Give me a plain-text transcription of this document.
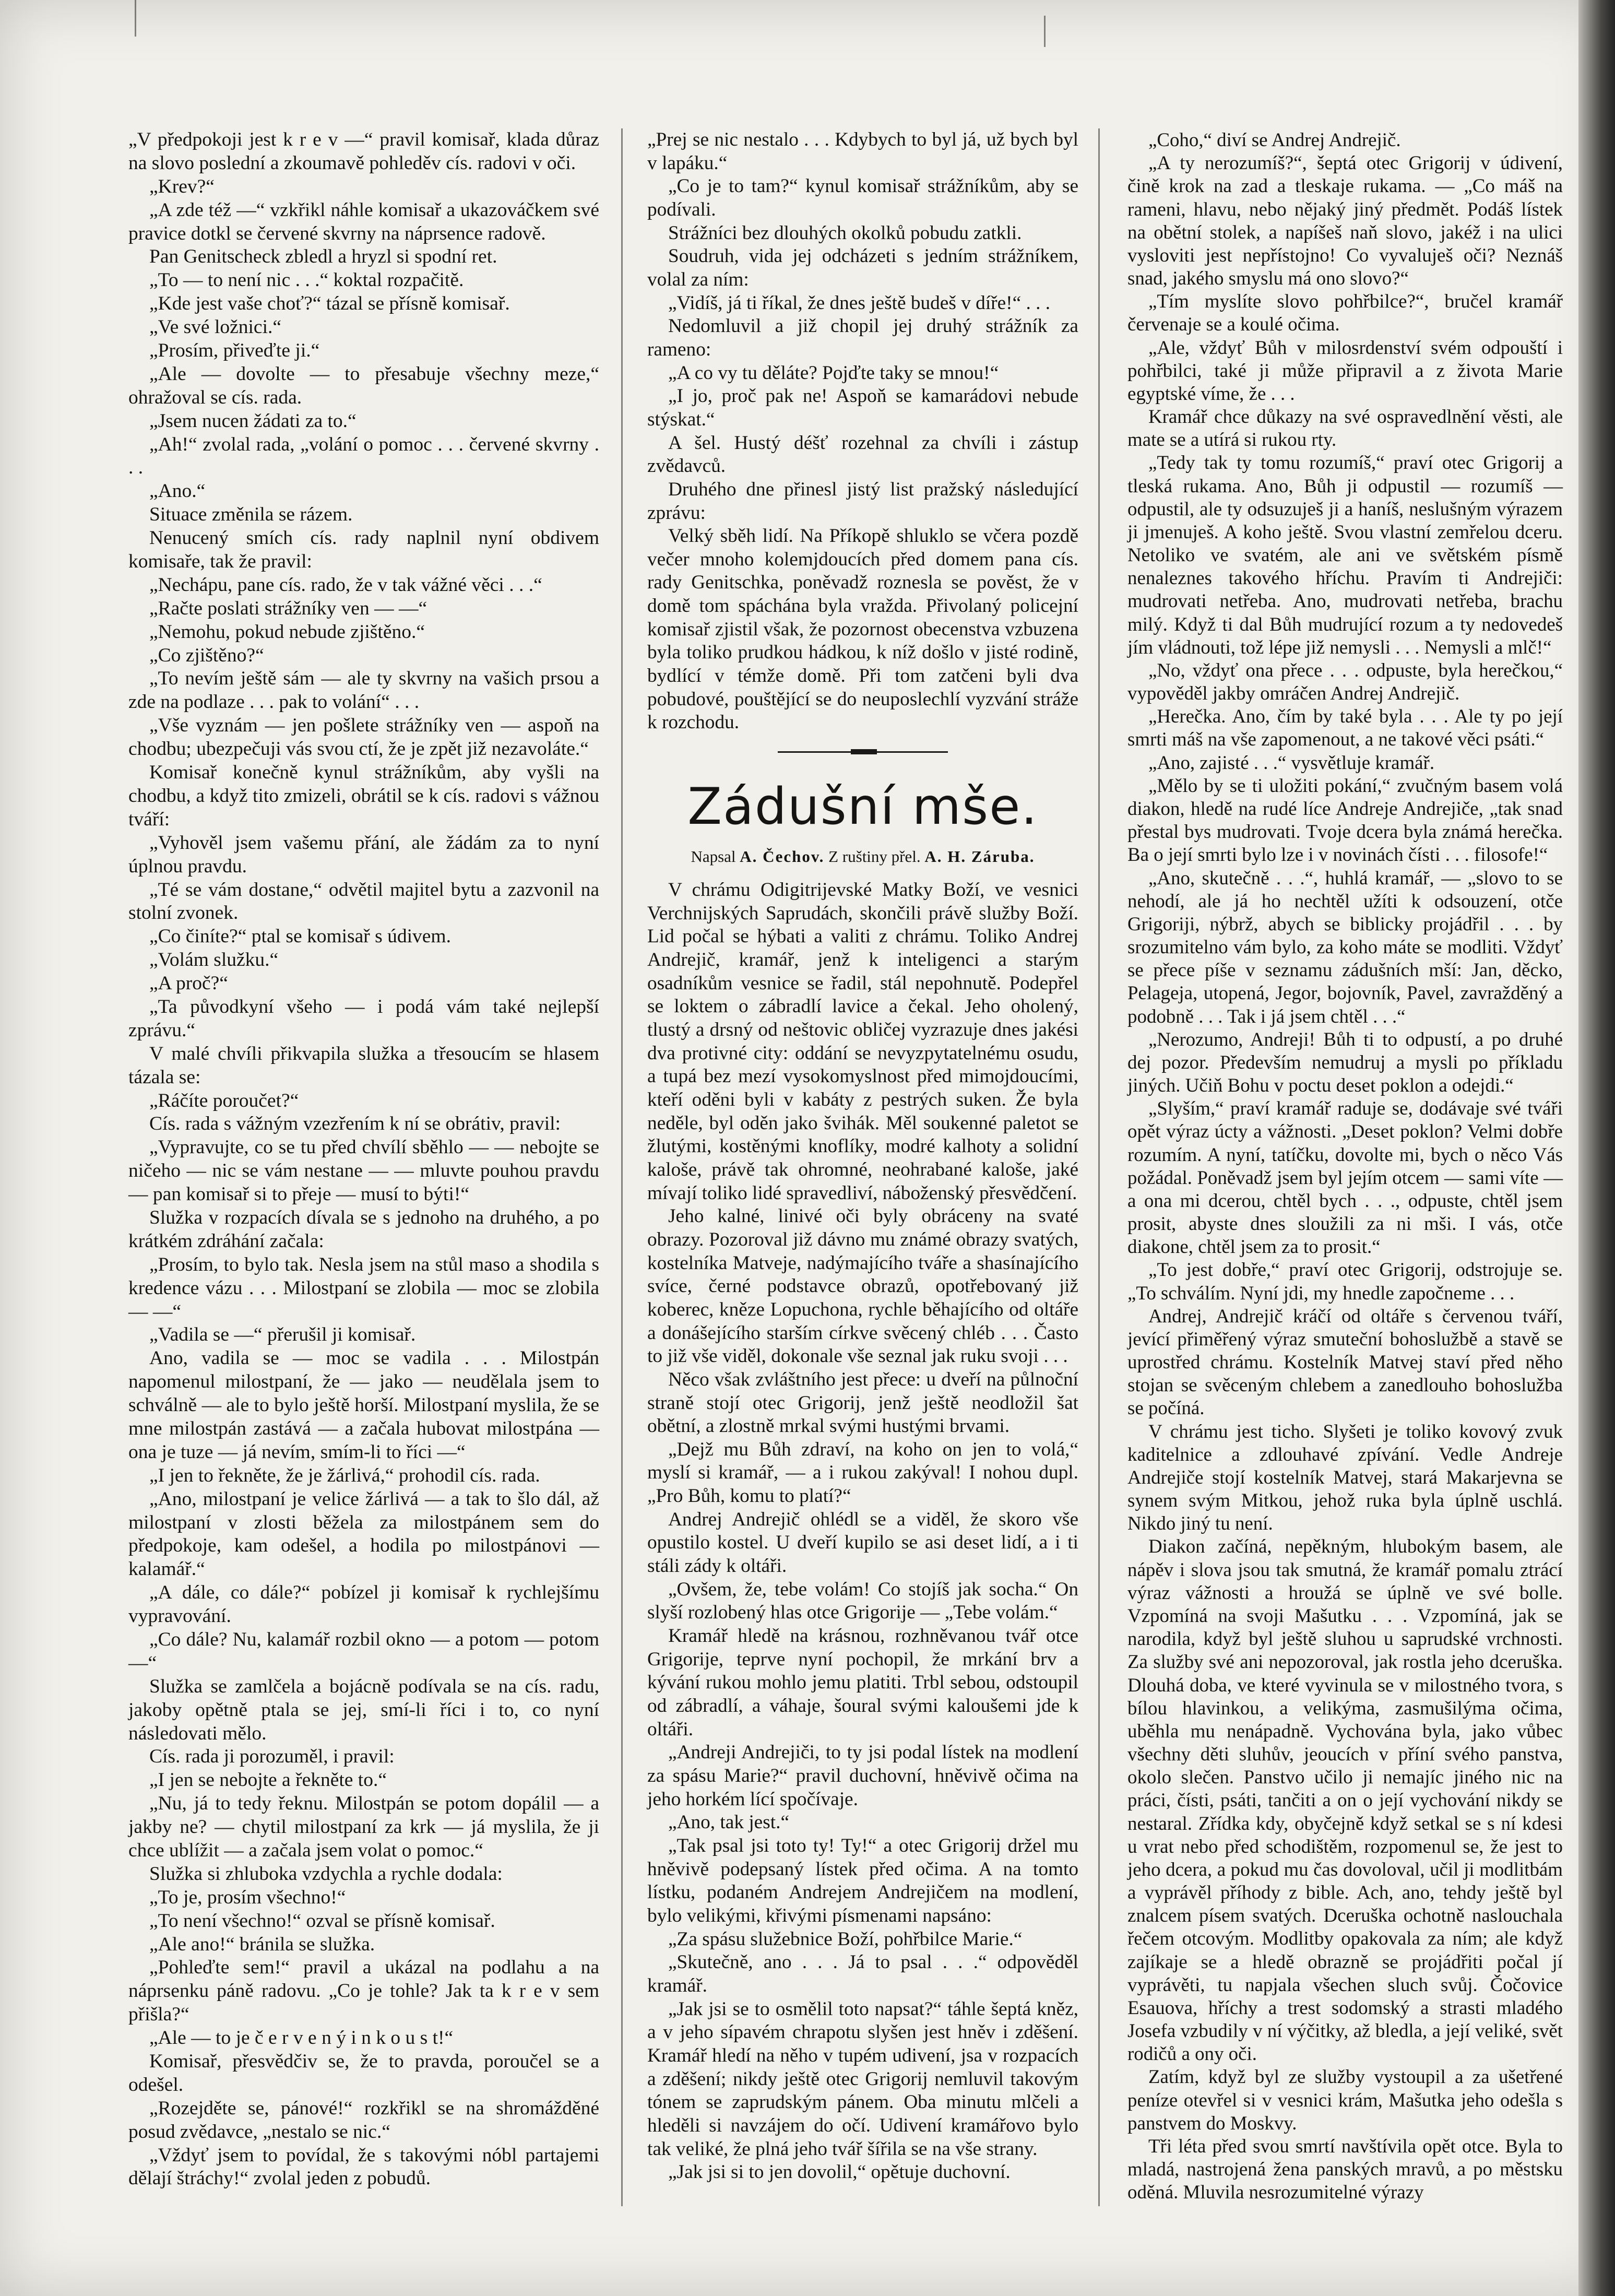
„V předpokoji jest k r e v —“ pravil komisař, klada důraz na slovo poslední a zkoumavě pohleděv cís. radovi v oči.

„Krev?“

„A zde též —“ vzkřikl náhle komisař a ukazováčkem své pravice dotkl se červené skvrny na náprsence radově.

Pan Genitscheck zbledl a hryzl si spodní ret.

„To — to není nic . . .“ koktal rozpačitě.

„Kde jest vaše choť?“ tázal se přísně komisař.

„Ve své ložnici.“

„Prosím, přiveďte ji.“

„Ale — dovolte — to přesabuje všechny meze,“ ohražoval se cís. rada.

„Jsem nucen žádati za to.“

„Ah!“ zvolal rada, „volání o pomoc . . . červené skvrny . . .

„Ano.“

Situace změnila se rázem.

Nenucený smích cís. rady naplnil nyní obdivem komisaře, tak že pravil:

„Nechápu, pane cís. rado, že v tak vážné věci . . .“

„Račte poslati strážníky ven — —“

„Nemohu, pokud nebude zjištěno.“

„Co zjištěno?“

„To nevím ještě sám — ale ty skvrny na vašich prsou a zde na podlaze . . . pak to volání“ . . .

„Vše vyznám — jen pošlete strážníky ven — aspoň na chodbu; ubezpečuji vás svou ctí, že je zpět již nezavoláte.“

Komisař konečně kynul strážníkům, aby vyšli na chodbu, a když tito zmizeli, obrátil se k cís. radovi s vážnou tváří:

„Vyhověl jsem vašemu přání, ale žádám za to nyní úplnou pravdu.

„Té se vám dostane,“ odvětil majitel bytu a zazvonil na stolní zvonek.

„Co činíte?“ ptal se komisař s údivem.

„Volám služku.“

„A proč?“

„Ta původkyní všeho — i podá vám také nejlepší zprávu.“

V malé chvíli přikvapila služka a třesoucím se hlasem tázala se:

„Ráčíte poroučet?“

Cís. rada s vážným vzezřením k ní se obrátiv, pravil:

„Vypravujte, co se tu před chvílí sběhlo — — nebojte se ničeho — nic se vám nestane — — mluvte pouhou pravdu — pan komisař si to přeje — musí to býti!“

Služka v rozpacích dívala se s jednoho na druhého, a po krátkém zdráhání začala:

„Prosím, to bylo tak. Nesla jsem na stůl maso a shodila s kredence vázu . . . Milostpaní se zlobila — moc se zlobila — —“

„Vadila se —“ přerušil ji komisař.

Ano, vadila se — moc se vadila . . . Milostpán napomenul milostpaní, že — jako — neudělala jsem to schválně — ale to bylo ještě horší. Milostpaní myslila, že se mne milostpán zastává — a začala hubovat milostpána — ona je tuze — já nevím, smím-li to říci —“

„I jen to řekněte, že je žárlivá,“ prohodil cís. rada.

„Ano, milostpaní je velice žárlivá — a tak to šlo dál, až milostpaní v zlosti běžela za milostpánem sem do předpokoje, kam odešel, a hodila po milostpánovi — kalamář.“

„A dále, co dále?“ pobízel ji komisař k rychlejšímu vypravování.

„Co dále? Nu, kalamář rozbil okno — a potom — potom —“

Služka se zamlčela a bojácně podívala se na cís. radu, jakoby opětně ptala se jej, smí-li říci i to, co nyní následovati mělo.

Cís. rada ji porozuměl, i pravil:

„I jen se nebojte a řekněte to.“

„Nu, já to tedy řeknu. Milostpán se potom dopálil — a jakby ne? — chytil milostpaní za krk — já myslila, že ji chce ublížit — a začala jsem volat o pomoc.“

Služka si zhluboka vzdychla a rychle dodala:

„To je, prosím všechno!“

„To není všechno!“ ozval se přísně komisař.

„Ale ano!“ bránila se služka.

„Pohleďte sem!“ pravil a ukázal na podlahu a na náprsenku páně radovu. „Co je tohle? Jak ta k r e v sem přišla?“

„Ale — to je č e r v e n ý i n k o u s t!“

Komisař, přesvědčiv se, že to pravda, poroučel se a odešel.

„Rozejděte se, pánové!“ rozkřikl se na shromážděné posud zvědavce, „nestalo se nic.“

„Vždyť jsem to povídal, že s takovými nóbl partajemi dělají štráchy!“ zvolal jeden z pobudů.

„Prej se nic nestalo . . . Kdybych to byl já, už bych byl v lapáku.“

„Co je to tam?“ kynul komisař strážníkům, aby se podívali.

Strážníci bez dlouhých okolků pobudu zatkli.

Soudruh, vida jej odcházeti s jedním strážníkem, volal za ním:

„Vidíš, já ti říkal, že dnes ještě budeš v díře!“ . . .

Nedomluvil a již chopil jej druhý strážník za rameno:

„A co vy tu děláte? Pojďte taky se mnou!“

„I jo, proč pak ne! Aspoň se kamarádovi nebude stýskat.“

A šel. Hustý déšť rozehnal za chvíli i zástup zvědavců.

Druhého dne přinesl jistý list pražský následující zprávu:

Velký sběh lidí. Na Příkopě shluklo se včera pozdě večer mnoho kolemjdoucích před domem pana cís. rady Genitschka, poněvadž roznesla se pověst, že v domě tom spáchána byla vražda. Přivolaný policejní komisař zjistil však, že pozornost obecenstva vzbuzena byla toliko prudkou hádkou, k níž došlo v jisté rodině, bydlící v témže domě. Při tom zatčeni byli dva pobudové, pouštějící se do neuposlechlí vyzvání stráže k rozchodu.

Zádušní mše.
Napsal A. Čechov. Z ruštiny přel. A. H. Záruba.

V chrámu Odigitrijevské Matky Boží, ve vesnici Verchnijských Saprudách, skončili právě služby Boží. Lid počal se hýbati a valiti z chrámu. Toliko Andrej Andrejič, kramář, jenž k inteligenci a starým osadníkům vesnice se řadil, stál nepohnutě. Podepřel se loktem o zábradlí lavice a čekal. Jeho oholený, tlustý a drsný od neštovic obličej vyzrazuje dnes jakési dva protivné city: oddání se nevyzpytatelnému osudu, a tupá bez mezí vysokomyslnost před mimojdoucími, kteří oděni byli v kabáty z pestrých suken. Že byla neděle, byl oděn jako švihák. Měl soukenné paletot se žlutými, kostěnými knoflíky, modré kalhoty a solidní kaloše, právě tak ohromné, neohrabané kaloše, jaké mívají toliko lidé spravedliví, náboženský přesvědčení.

Jeho kalné, linivé oči byly obráceny na svaté obrazy. Pozoroval již dávno mu známé obrazy svatých, kostelníka Matveje, nadýmajícího tváře a shasínajícího svíce, černé podstavce obrazů, opotřebovaný již koberec, kněze Lopuchona, rychle běhajícího od oltáře a donášejícího starším církve svěcený chléb . . . Často to již vše viděl, dokonale vše seznal jak ruku svoji . . .

Něco však zvláštního jest přece: u dveří na půlnoční straně stojí otec Grigorij, jenž ještě neodložil šat obětní, a zlostně mrkal svými hustými brvami.

„Dejž mu Bůh zdraví, na koho on jen to volá,“ myslí si kramář, — a i rukou zakýval! I nohou dupl. „Pro Bůh, komu to platí?“

Andrej Andrejič ohlédl se a viděl, že skoro vše opustilo kostel. U dveří kupilo se asi deset lidí, a i ti stáli zády k oltáři.

„Ovšem, že, tebe volám! Co stojíš jak socha.“ On slyší rozlobený hlas otce Grigorije — „Tebe volám.“

Kramář hledě na krásnou, rozhněvanou tvář otce Grigorije, teprve nyní pochopil, že mrkání brv a kývání rukou mohlo jemu platiti. Trbl sebou, odstoupil od zábradlí, a váhaje, šoural svými kaloušemi jde k oltáři.

„Andreji Andrejiči, to ty jsi podal lístek na modlení za spásu Marie?“ pravil duchovní, hněvivě očima na jeho horkém lící spočívaje.

„Ano, tak jest.“

„Tak psal jsi toto ty! Ty!“ a otec Grigorij držel mu hněvivě podepsaný lístek před očima. A na tomto lístku, podaném Andrejem Andrejičem na modlení, bylo velikými, křivými písmenami napsáno:

„Za spásu služebnice Boží, pohřbilce Marie.“

„Skutečně, ano . . . Já to psal . . .“ odpověděl kramář.

„Jak jsi se to osmělil toto napsat?“ táhle šeptá kněz, a v jeho sípavém chrapotu slyšen jest hněv i zděšení. Kramář hledí na něho v tupém udivení, jsa v rozpacích a zděšení; nikdy ještě otec Grigorij nemluvil takovým tónem se zaprudským pánem. Oba minutu mlčeli a hleděli si navzájem do očí. Udivení kramářovo bylo tak veliké, že plná jeho tvář šířila se na vše strany.

„Jak jsi si to jen dovolil,“ opětuje duchovní.

„Coho,“ diví se Andrej Andrejič.

„A ty nerozumíš?“, šeptá otec Grigorij v údivení, čině krok na zad a tleskaje rukama. — „Co máš na rameni, hlavu, nebo nějaký jiný předmět. Podáš lístek na obětní stolek, a napíšeš naň slovo, jakéž i na ulici vysloviti jest nepřístojno! Co vyvaluješ oči? Neznáš snad, jakého smyslu má ono slovo?“

„Tím myslíte slovo pohřbilce?“, bručel kramář červenaje se a koulé očima.

„Ale, vždyť Bůh v milosrdenství svém odpouští i pohřbilci, také ji může připravil a z života Marie egyptské víme, že . . .

Kramář chce důkazy na své ospravedlnění věsti, ale mate se a utírá si rukou rty.

„Tedy tak ty tomu rozumíš,“ praví otec Grigorij a tleská rukama. Ano, Bůh ji odpustil — rozumíš — odpustil, ale ty odsuzuješ ji a haníš, neslušným výrazem ji jmenuješ. A koho ještě. Svou vlastní zemřelou dceru. Netoliko ve svatém, ale ani ve světském písmě nenaleznes takového hříchu. Pravím ti Andrejiči: mudrovati netřeba. Ano, mudrovati netřeba, brachu milý. Když ti dal Bůh mudrující rozum a ty nedovedeš jím vládnouti, tož lépe již nemysli . . . Nemysli a mlč!“

„No, vždyť ona přece . . . odpuste, byla herečkou,“ vypověděl jakby omráčen Andrej Andrejič.

„Herečka. Ano, čím by také byla . . . Ale ty po její smrti máš na vše zapomenout, a ne takové věci psáti.“

„Ano, zajisté . . .“ vysvětluje kramář.

„Mělo by se ti uložiti pokání,“ zvučným basem volá diakon, hledě na rudé líce Andreje Andrejiče, „tak snad přestal bys mudrovati. Tvoje dcera byla známá herečka. Ba o její smrti bylo lze i v novinách čísti . . . filosofe!“

„Ano, skutečně . . .“, huhlá kramář, — „slovo to se nehodí, ale já ho nechtěl užíti k odsouzení, otče Grigoriji, nýbrž, abych se biblicky projádřil . . . by srozumitelno vám bylo, za koho máte se modliti. Vždyť se přece píše v seznamu zádušních mší: Jan, děcko, Pelageja, utopená, Jegor, bojovník, Pavel, zavražděný a podobně . . . Tak i já jsem chtěl . . .“

„Nerozumo, Andreji! Bůh ti to odpustí, a po druhé dej pozor. Především nemudruj a mysli po příkladu jiných. Učiň Bohu v poctu deset poklon a odejdi.“

„Slyším,“ praví kramář raduje se, dodávaje své tváři opět výraz úcty a vážnosti. „Deset poklon? Velmi dobře rozumím. A nyní, tatíčku, dovolte mi, bych o něco Vás požádal. Poněvadž jsem byl jejím otcem — sami víte — a ona mi dcerou, chtěl bych . . ., odpuste, chtěl jsem prosit, abyste dnes sloužili za ni mši. I vás, otče diakone, chtěl jsem za to prosit.“

„To jest dobře,“ praví otec Grigorij, odstrojuje se. „To schválím. Nyní jdi, my hnedle započneme . . .

Andrej, Andrejič kráčí od oltáře s červenou tváří, jevící přiměřený výraz smuteční bohoslužbě a stavě se uprostřed chrámu. Kostelník Matvej staví před něho stojan se svěceným chlebem a zanedlouho bohoslužba se počíná.

V chrámu jest ticho. Slyšeti je toliko kovový zvuk kaditelnice a zdlouhavé zpívání. Vedle Andreje Andrejiče stojí kostelník Matvej, stará Makarjevna se synem svým Mitkou, jehož ruka byla úplně uschlá. Nikdo jiný tu není.

Diakon začíná, nepěkným, hlubokým basem, ale nápěv i slova jsou tak smutná, že kramář pomalu ztrácí výraz vážnosti a hroužá se úplně ve své bolle. Vzpomíná na svoji Mašutku . . . Vzpomíná, jak se narodila, když byl ještě sluhou u saprudské vrchnosti. Za služby své ani nepozoroval, jak rostla jeho dceruška. Dlouhá doba, ve které vyvinula se v milostného tvora, s bílou hlavinkou, a velikýma, zasmušilýma očima, uběhla mu nenápadně. Vychována byla, jako vůbec všechny děti sluhův, jeoucích v příní svého panstva, okolo slečen. Panstvo učilo ji nemajíc jiného nic na práci, čísti, psáti, tančiti a on o její vychování nikdy se nestaral. Zřídka kdy, obyčejně když setkal se s ní kdesi u vrat nebo před schodištěm, rozpomenul se, že jest to jeho dcera, a pokud mu čas dovoloval, učil ji modlitbám a vyprávěl příhody z bible. Ach, ano, tehdy ještě byl znalcem písem svatých. Dceruška ochotně naslouchala řečem otcovým. Modlitby opakovala za ním; ale když zajíkaje se a hledě obrazně se projádřiti počal jí vyprávěti, tu napjala všechen sluch svůj. Čočovice Esauova, hříchy a trest sodomský a strasti mladého Josefa vzbudily v ní výčitky, až bledla, a její veliké, svět rodičů a ony oči.

Zatím, když byl ze služby vystoupil a za ušetřené peníze otevřel si v vesnici krám, Mašutka jeho odešla s panstvem do Moskvy.

Tři léta před svou smrtí navštívila opět otce. Byla to mladá, nastrojená žena panských mravů, a po městsku oděná. Mluvila nesrozumitelné výrazy
